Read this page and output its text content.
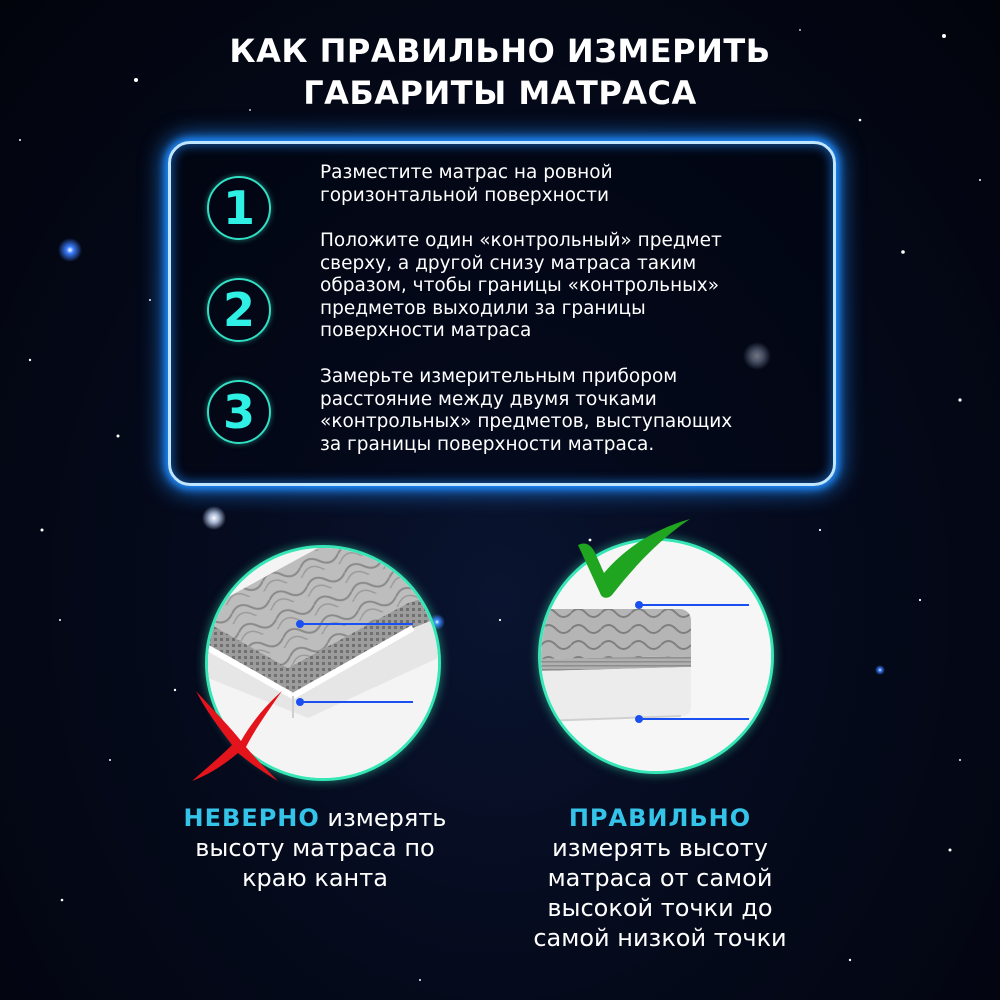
КАК ПРАВИЛЬНО ИЗМЕРИТЬ
ГАБАРИТЫ МАТРАСА
1
Разместите матрас на ровной
горизонтальной поверхности
2
Положите один «контрольный» предмет
сверху, а другой снизу матраса таким
образом, чтобы границы «контрольных»
предметов выходили за границы
поверхности матраса
3
Замерьте измерительным прибором
расстояние между двумя точками
«контрольных» предметов, выступающих
за границы поверхности матраса.
НЕВЕРНО измерять
высоту матраса по
краю канта
ПРАВИЛЬНО
измерять высоту
матраса от самой
высокой точки до
самой низкой точки
